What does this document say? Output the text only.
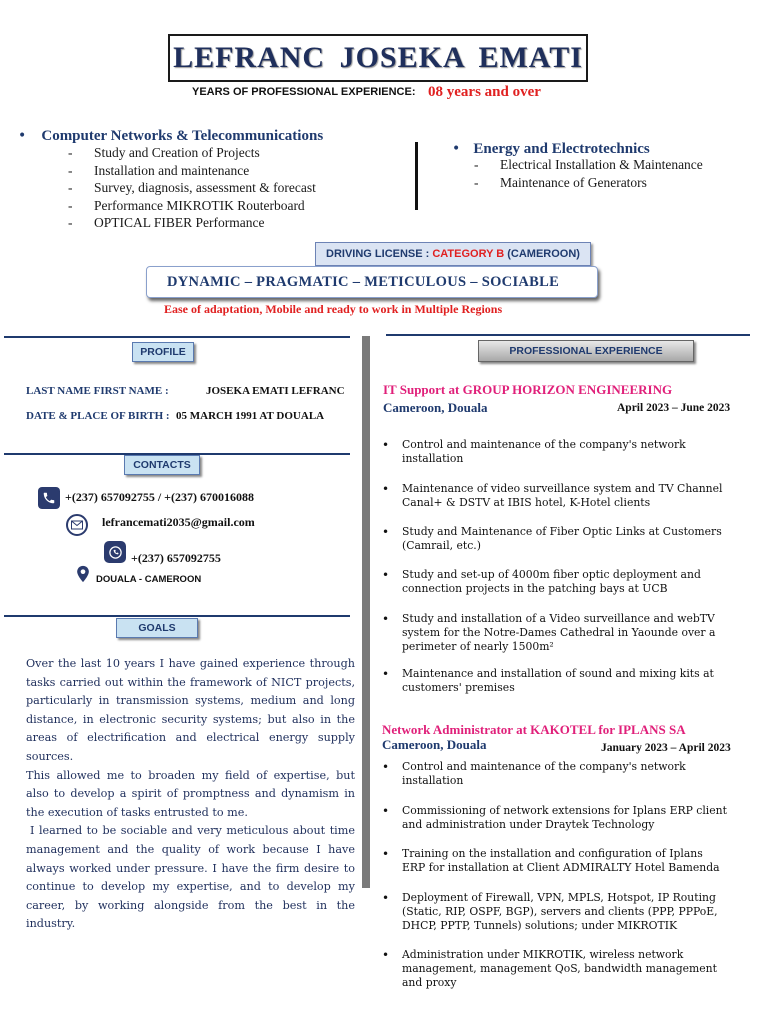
LEFRANC JOSEKA EMATI
YEARS OF PROFESSIONAL EXPERIENCE: 08 years and over
• Computer Networks & Telecommunications
- Study and Creation of Projects
- Installation and maintenance
- Survey, diagnosis, assessment & forecast
- Performance MIKROTIK Routerboard
- OPTICAL FIBER Performance
• Energy and Electrotechnics
- Electrical Installation & Maintenance
- Maintenance of Generators
DRIVING LICENSE : CATEGORY B (CAMEROON)
DYNAMIC – PRAGMATIC – METICULOUS – SOCIABLE
Ease of adaptation, Mobile and ready to work in Multiple Regions
PROFILE
LAST NAME FIRST NAME :	JOSEKA EMATI LEFRANC
DATE & PLACE OF BIRTH : 05 MARCH 1991 AT DOUALA
CONTACTS
+(237) 657092755 / +(237) 670016088
lefrancemati2035@gmail.com
+(237) 657092755
DOUALA - CAMEROON
GOALS

Over the last 10 years I have gained experience through tasks carried out within the framework of NICT projects, particularly in transmission systems, medium and long distance, in electronic security systems; but also in the areas of electrification and electrical energy supply sources.

This allowed me to broaden my field of expertise, but also to develop a spirit of promptness and dynamism in the execution of tasks entrusted to me.

I learned to be sociable and very meticulous about time management and the quality of work because I have always worked under pressure. I have the firm desire to continue to develop my expertise, and to develop my career, by working alongside from the best in the industry.

PROFESSIONAL EXPERIENCE
IT Support at GROUP HORIZON ENGINEERING
Cameroon, Douala	April 2023 – June 2023
• Control and maintenance of the company's network installation
• Maintenance of video surveillance system and TV Channel Canal+ & DSTV at IBIS hotel, K-Hotel clients
• Study and Maintenance of Fiber Optic Links at Customers (Camrail, etc.)
• Study and set-up of 4000m fiber optic deployment and connection projects in the patching bays at UCB
• Study and installation of a Video surveillance and webTV system for the Notre-Dames Cathedral in Yaounde over a perimeter of nearly 1500m²
• Maintenance and installation of sound and mixing kits at customers' premises
Network Administrator at KAKOTEL for IPLANS SA
Cameroon, Douala	January 2023 – April 2023
• Control and maintenance of the company's network installation
• Commissioning of network extensions for Iplans ERP client and administration under Draytek Technology
• Training on the installation and configuration of Iplans ERP for installation at Client ADMIRALTY Hotel Bamenda
• Deployment of Firewall, VPN, MPLS, Hotspot, IP Routing (Static, RIP, OSPF, BGP), servers and clients (PPP, PPPoE, DHCP, PPTP, Tunnels) solutions; under MIKROTIK
• Administration under MIKROTIK, wireless network management, management QoS, bandwidth management and proxy
